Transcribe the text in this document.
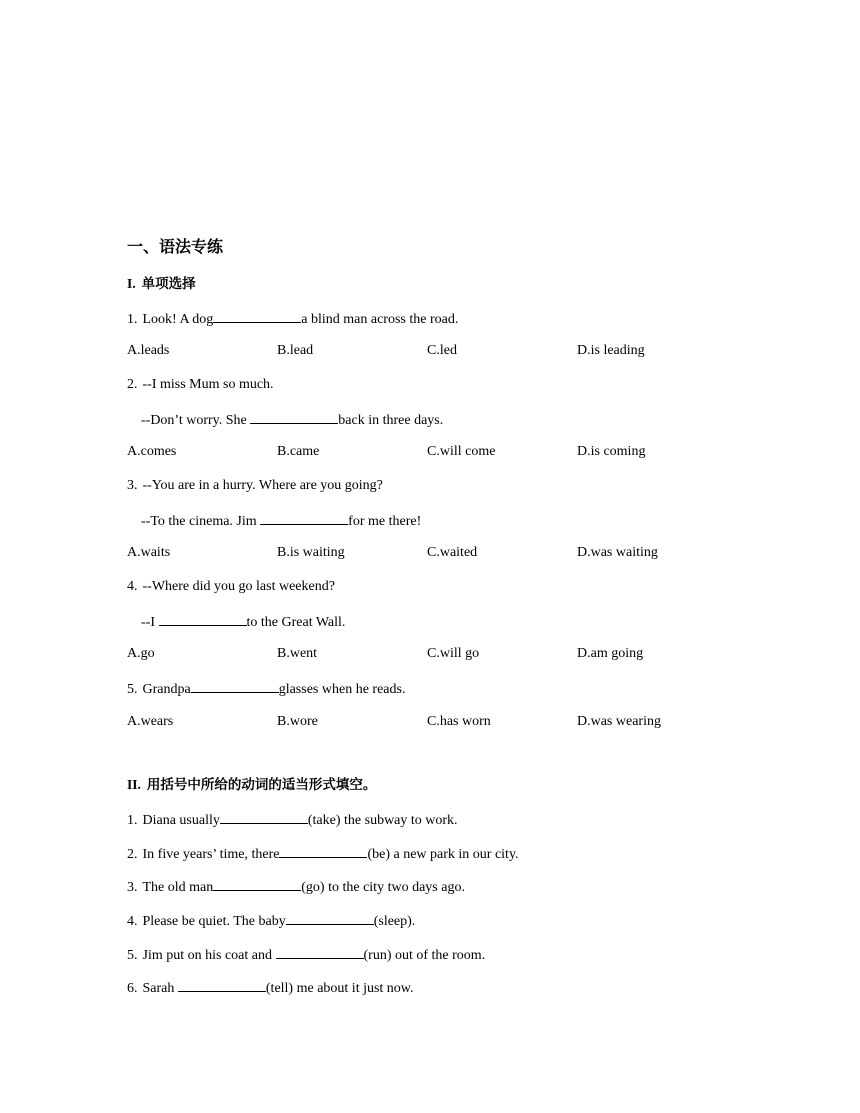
一、语法专练
I. 单项选择
1. Look! A dog	a blind man across the road.
A.leads	B.lead	C.led	D.is leading
2. --I miss Mum so much.
--Don’t worry. She	back in three days.
A.comes	B.came	C.will come	D.is coming
3. --You are in a hurry. Where are you going?
--To the cinema. Jim	for me there!
A.waits	B.is waiting	C.waited	D.was waiting
4. --Where did you go last weekend?
--I	to the Great Wall.
A.go	B.went	C.will go	D.am going
5. Grandpa	glasses when he reads.
A.wears	B.wore	C.has worn	D.was wearing
II. 用括号中所给的动词的适当形式填空。
1. Diana usually	(take) the subway to work.
2. In five years’ time, there	(be) a new park in our city.
3. The old man	(go) to the city two days ago.
4. Please be quiet. The baby	(sleep).
5. Jim put on his coat and	(run) out of the room.
6. Sarah	(tell) me about it just now.
